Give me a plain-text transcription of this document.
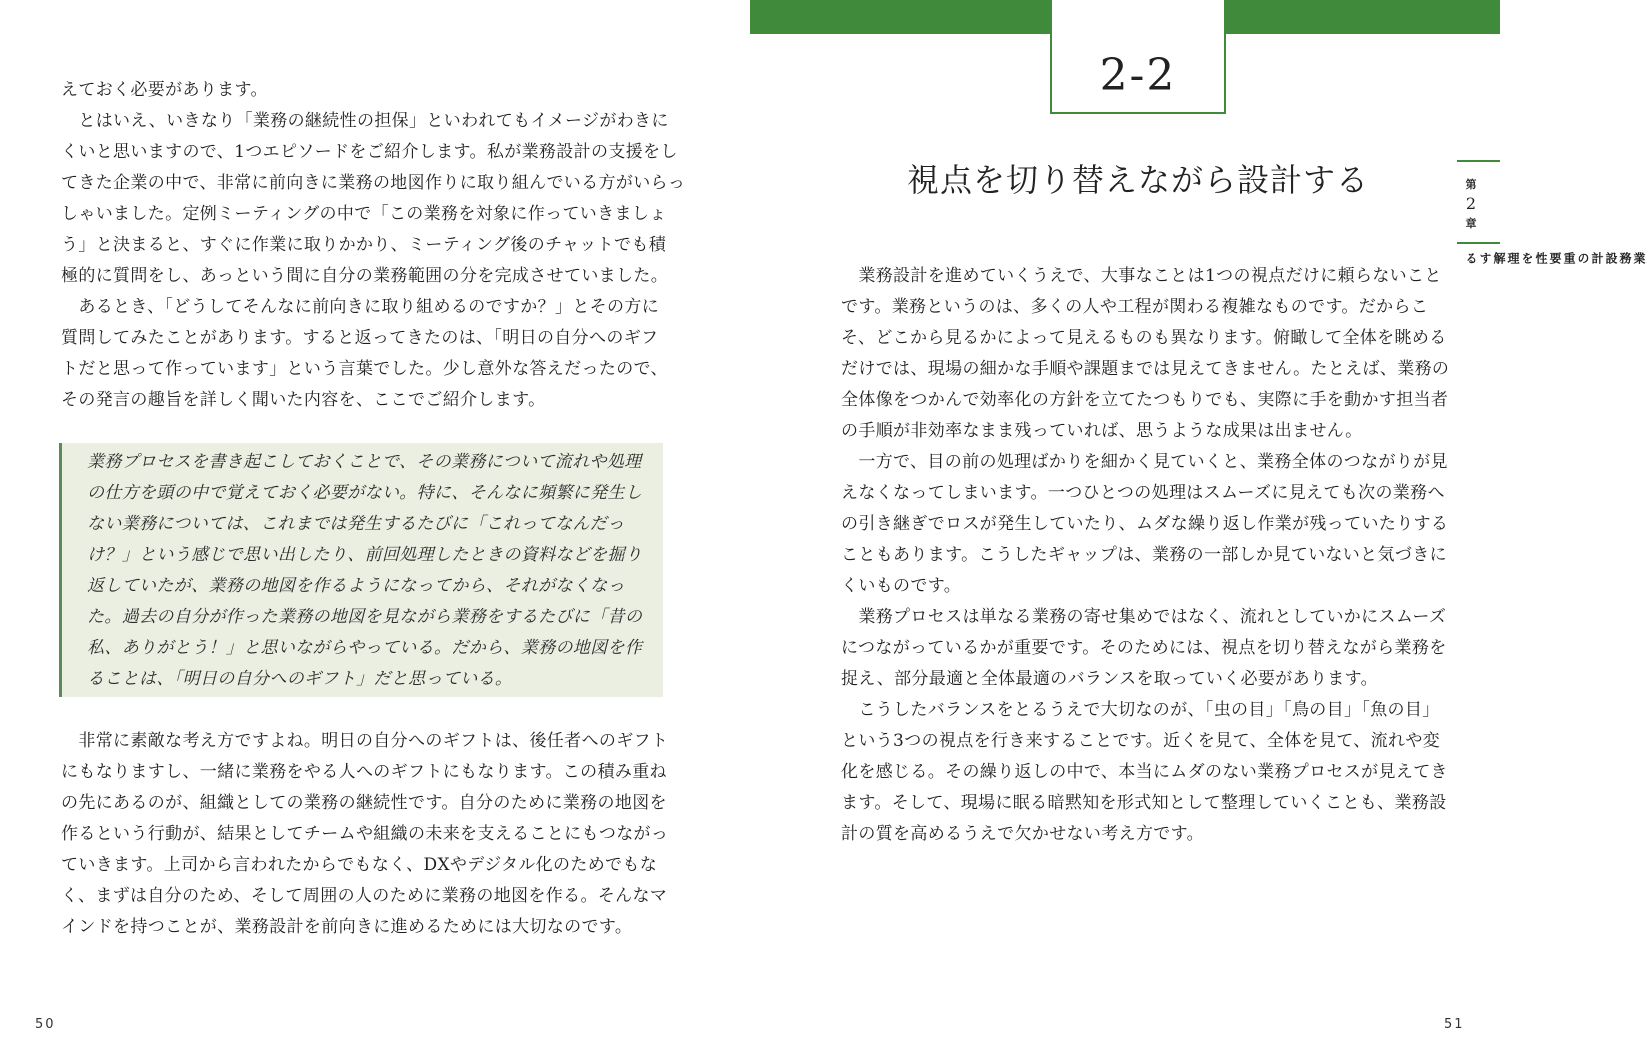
えておく必要があります。
　とはいえ、いきなり「業務の継続性の担保」といわれてもイメージがわきに
くいと思いますので、1つエピソードをご紹介します。私が業務設計の支援をし
てきた企業の中で、非常に前向きに業務の地図作りに取り組んでいる方がいらっ
しゃいました。定例ミーティングの中で「この業務を対象に作っていきましょ
う」と決まると、すぐに作業に取りかかり、ミーティング後のチャットでも積
極的に質問をし、あっという間に自分の業務範囲の分を完成させていました。
　あるとき、「どうしてそんなに前向きに取り組めるのですか？」とその方に
質問してみたことがあります。すると返ってきたのは、「明日の自分へのギフ
トだと思って作っています」という言葉でした。少し意外な答えだったので、
その発言の趣旨を詳しく聞いた内容を、ここでご紹介します。
業務プロセスを書き起こしておくことで、その業務について流れや処理
の仕方を頭の中で覚えておく必要がない。特に、そんなに頻繁に発生し
ない業務については、これまでは発生するたびに「これってなんだっ
け？」という感じで思い出したり、前回処理したときの資料などを掘り
返していたが、業務の地図を作るようになってから、それがなくなっ
た。過去の自分が作った業務の地図を見ながら業務をするたびに「昔の
私、ありがとう！」と思いながらやっている。だから、業務の地図を作
ることは、「明日の自分へのギフト」だと思っている。
　非常に素敵な考え方ですよね。明日の自分へのギフトは、後任者へのギフト
にもなりますし、一緒に業務をやる人へのギフトにもなります。この積み重ね
の先にあるのが、組織としての業務の継続性です。自分のために業務の地図を
作るという行動が、結果としてチームや組織の未来を支えることにもつながっ
ていきます。上司から言われたからでもなく、DXやデジタル化のためでもな
く、まずは自分のため、そして周囲の人のために業務の地図を作る。そんなマ
インドを持つことが、業務設計を前向きに進めるためには大切なのです。
50
2-2
視点を切り替えながら設計する
　業務設計を進めていくうえで、大事なことは1つの視点だけに頼らないこと
です。業務というのは、多くの人や工程が関わる複雑なものです。だからこ
そ、どこから見るかによって見えるものも異なります。俯瞰して全体を眺める
だけでは、現場の細かな手順や課題までは見えてきません。たとえば、業務の
全体像をつかんで効率化の方針を立てたつもりでも、実際に手を動かす担当者
の手順が非効率なまま残っていれば、思うような成果は出ません。
　一方で、目の前の処理ばかりを細かく見ていくと、業務全体のつながりが見
えなくなってしまいます。一つひとつの処理はスムーズに見えても次の業務へ
の引き継ぎでロスが発生していたり、ムダな繰り返し作業が残っていたりする
こともあります。こうしたギャップは、業務の一部しか見ていないと気づきに
くいものです。
　業務プロセスは単なる業務の寄せ集めではなく、流れとしていかにスムーズ
につながっているかが重要です。そのためには、視点を切り替えながら業務を
捉え、部分最適と全体最適のバランスを取っていく必要があります。
　こうしたバランスをとるうえで大切なのが、「虫の目」「鳥の目」「魚の目」
という3つの視点を行き来することです。近くを見て、全体を見て、流れや変
化を感じる。その繰り返しの中で、本当にムダのない業務プロセスが見えてき
ます。そして、現場に眠る暗黙知を形式知として整理していくことも、業務設
計の質を高めるうえで欠かせない考え方です。
第
2
章
業務設計の重要性を理解する
51
